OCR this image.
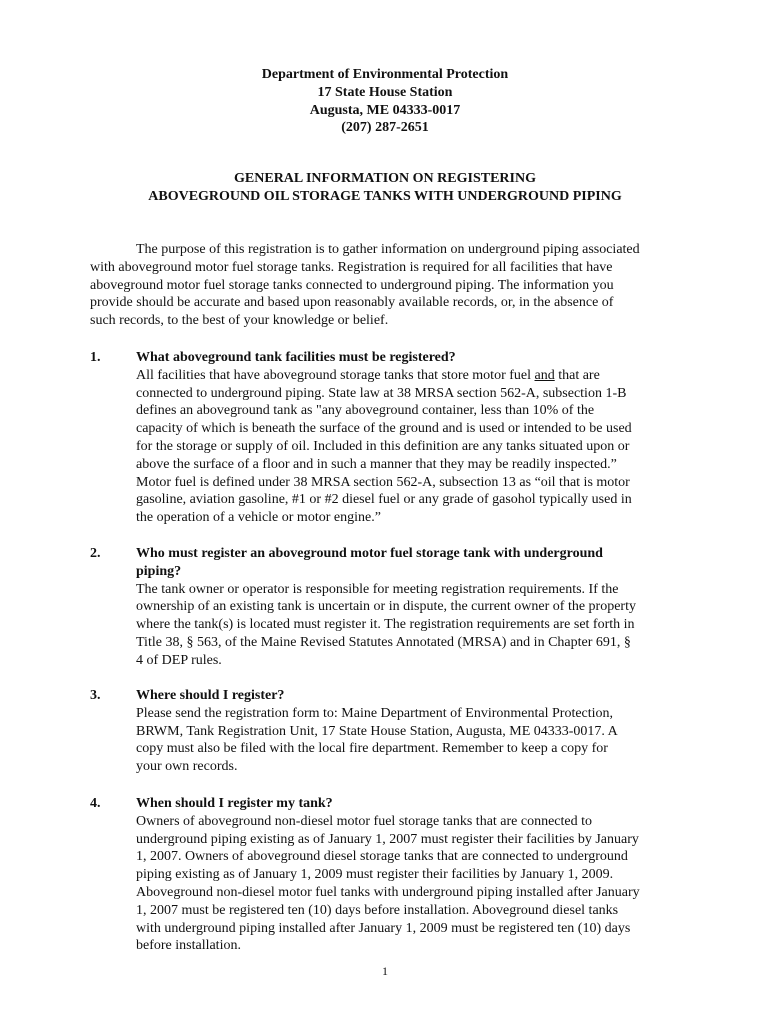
Department of Environmental Protection
17 State House Station
Augusta, ME 04333-0017
(207) 287-2651
GENERAL INFORMATION ON REGISTERING
ABOVEGROUND OIL STORAGE TANKS WITH UNDERGROUND PIPING
The purpose of this registration is to gather information on underground piping associated
with aboveground motor fuel storage tanks. Registration is required for all facilities that have
aboveground motor fuel storage tanks connected to underground piping. The information you
provide should be accurate and based upon reasonably available records, or, in the absence of
such records, to the best of your knowledge or belief.
1.	What aboveground tank facilities must be registered?
All facilities that have aboveground storage tanks that store motor fuel and that are
connected to underground piping. State law at 38 MRSA section 562-A, subsection 1-B
defines an aboveground tank as "any aboveground container, less than 10% of the
capacity of which is beneath the surface of the ground and is used or intended to be used
for the storage or supply of oil. Included in this definition are any tanks situated upon or
above the surface of a floor and in such a manner that they may be readily inspected.”
Motor fuel is defined under 38 MRSA section 562-A, subsection 13 as “oil that is motor
gasoline, aviation gasoline, #1 or #2 diesel fuel or any grade of gasohol typically used in
the operation of a vehicle or motor engine.”
2.	Who must register an aboveground motor fuel storage tank with underground
piping?
The tank owner or operator is responsible for meeting registration requirements. If the
ownership of an existing tank is uncertain or in dispute, the current owner of the property
where the tank(s) is located must register it. The registration requirements are set forth in
Title 38, § 563, of the Maine Revised Statutes Annotated (MRSA) and in Chapter 691, §
4 of DEP rules.
3.	Where should I register?
Please send the registration form to: Maine Department of Environmental Protection,
BRWM, Tank Registration Unit, 17 State House Station, Augusta, ME 04333-0017. A
copy must also be filed with the local fire department. Remember to keep a copy for
your own records.
4.	When should I register my tank?
Owners of aboveground non-diesel motor fuel storage tanks that are connected to
underground piping existing as of January 1, 2007 must register their facilities by January
1, 2007. Owners of aboveground diesel storage tanks that are connected to underground
piping existing as of January 1, 2009 must register their facilities by January 1, 2009.
Aboveground non-diesel motor fuel tanks with underground piping installed after January
1, 2007 must be registered ten (10) days before installation. Aboveground diesel tanks
with underground piping installed after January 1, 2009 must be registered ten (10) days
before installation.
1
